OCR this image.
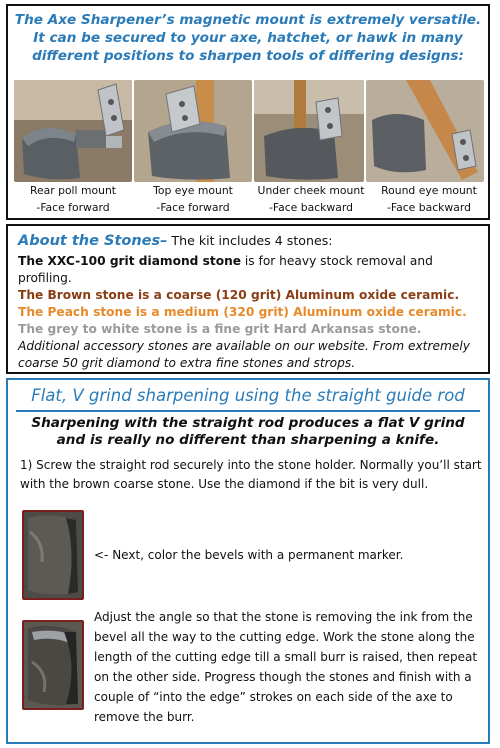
The Axe Sharpener’s magnetic mount is extremely versatile. It can be secured to your axe, hatchet, or hawk in many different positions to sharpen tools of differing designs:
Rear poll mount
-Face forward
Top eye mount
-Face forward
Under cheek mount
-Face backward
Round eye mount
-Face backward
About the Stones– The kit includes 4 stones:

The XXC-100 grit diamond stone is for heavy stock removal and profiling.

The Brown stone is a coarse (120 grit) Aluminum oxide ceramic.

The Peach stone is a medium (320 grit) Aluminum oxide ceramic.

The grey to white stone is a fine grit Hard Arkansas stone.

Additional accessory stones are available on our website. From extremely coarse 50 grit diamond to extra fine stones and strops.

Flat, V grind sharpening using the straight guide rod
Sharpening with the straight rod produces a flat V grind and is really no different than sharpening a knife.
1) Screw the straight rod securely into the stone holder. Normally you’ll start with the brown coarse stone. Use the diamond if the bit is very dull.
<- Next, color the bevels with a permanent marker.
Adjust the angle so that the stone is removing the ink from the bevel all the way to the cutting edge. Work the stone along the length of the cutting edge till a small burr is raised, then repeat on the other side. Progress though the stones and finish with a couple of “into the edge” strokes on each side of the axe to remove the burr.
